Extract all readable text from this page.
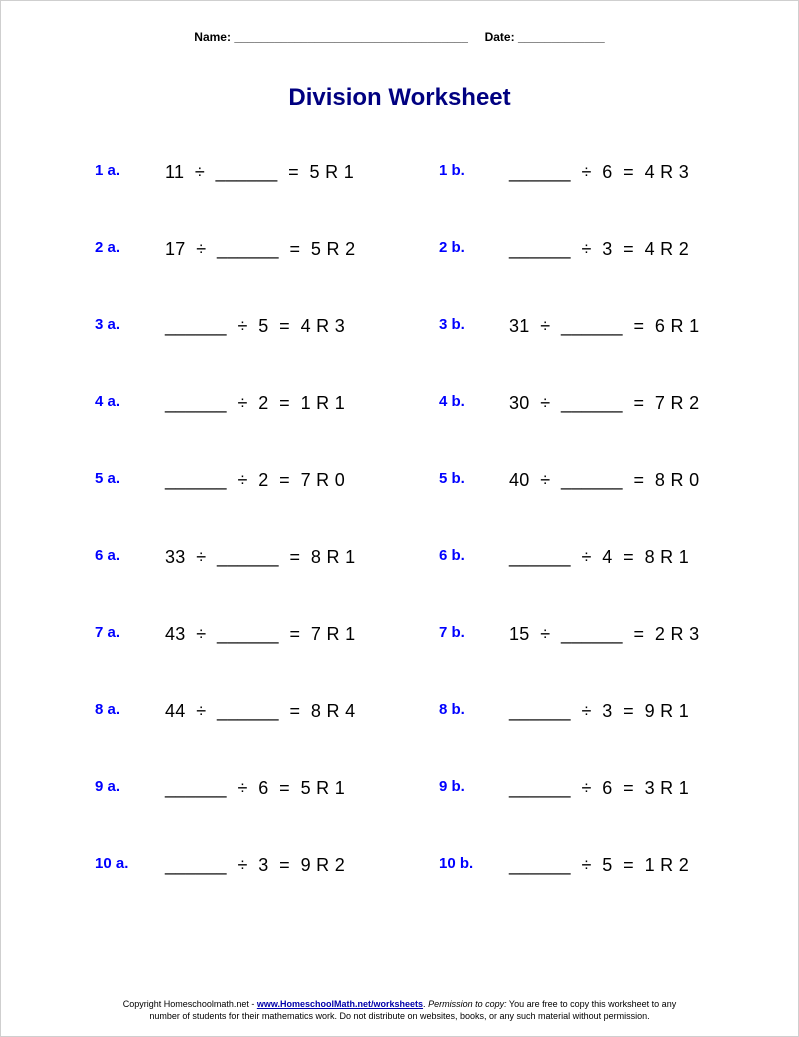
Name: ___________________________________ Date: _____________
Division Worksheet
1 a. 11  ÷  ______  =  5 R 1	1 b. ______  ÷  6  =  4 R 3
2 a. 17  ÷  ______  =  5 R 2	2 b. ______  ÷  3  =  4 R 2
3 a. ______  ÷  5  =  4 R 3	3 b. 31  ÷  ______  =  6 R 1
4 a. ______  ÷  2  =  1 R 1	4 b. 30  ÷  ______  =  7 R 2
5 a. ______  ÷  2  =  7 R 0	5 b. 40  ÷  ______  =  8 R 0
6 a. 33  ÷  ______  =  8 R 1	6 b. ______  ÷  4  =  8 R 1
7 a. 43  ÷  ______  =  7 R 1	7 b. 15  ÷  ______  =  2 R 3
8 a. 44  ÷  ______  =  8 R 4	8 b. ______  ÷  3  =  9 R 1
9 a. ______  ÷  6  =  5 R 1	9 b. ______  ÷  6  =  3 R 1
10 a. ______  ÷  3  =  9 R 2	10 b. ______  ÷  5  =  1 R 2
Copyright Homeschoolmath.net - www.HomeschoolMath.net/worksheets. Permission to copy: You are free to copy this worksheet to any
number of students for their mathematics work. Do not distribute on websites, books, or any such material without permission.
